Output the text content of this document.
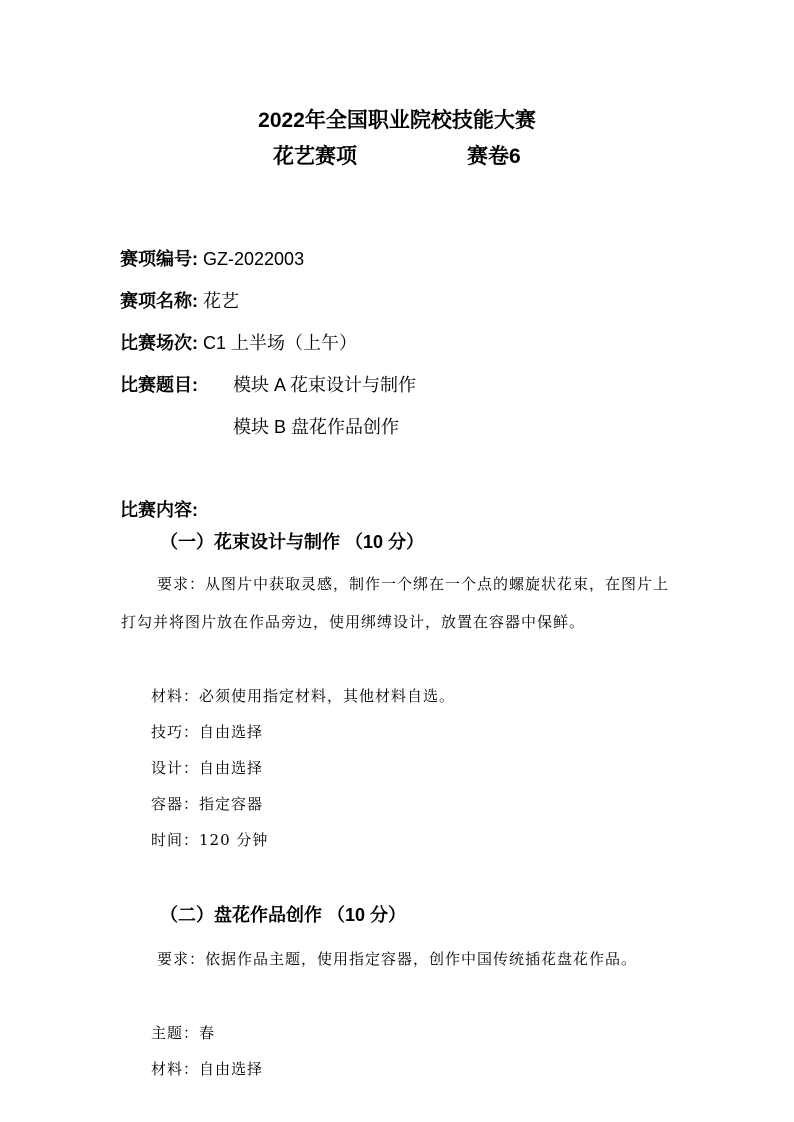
2022年全国职业院校技能大赛
花艺赛项	赛卷6
赛项编号: GZ-2022003
赛项名称: 花艺
比赛场次: C1 上半场（上午）
比赛题目: 模块 A 花束设计与制作
模块 B 盘花作品创作
比赛内容:
（一）花束设计与制作 （10 分）
要求：从图片中获取灵感，制作一个绑在一个点的螺旋状花束，在图片上打勾并将图片放在作品旁边，使用绑缚设计，放置在容器中保鲜。
材料：必须使用指定材料，其他材料自选。
技巧：自由选择
设计：自由选择
容器：指定容器
时间：120 分钟
（二）盘花作品创作 （10 分）
要求：依据作品主题，使用指定容器，创作中国传统插花盘花作品。
主题：春
材料：自由选择
